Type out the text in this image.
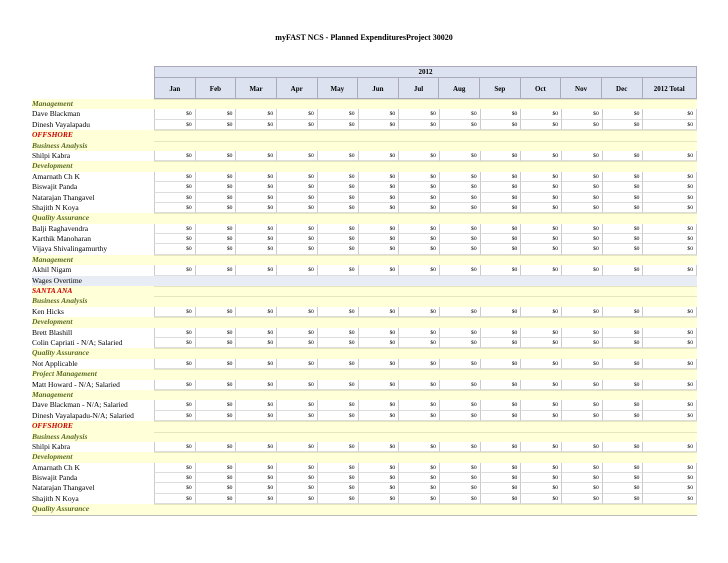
myFAST NCS - Planned ExpendituresProject 30020
2012
Jan	Feb	Mar	Apr	May	Jun	Jul	Aug	Sep	Oct	Nov	Dec	2012 Total
Management
Dave Blackman	$0	$0	$0	$0	$0	$0	$0	$0	$0	$0	$0	$0	$0
Dinesh Vayalapadu	$0	$0	$0	$0	$0	$0	$0	$0	$0	$0	$0	$0	$0
OFFSHORE
Business Analysis
Shilpi Kabra	$0	$0	$0	$0	$0	$0	$0	$0	$0	$0	$0	$0	$0
Development
Amarnath Ch K	$0	$0	$0	$0	$0	$0	$0	$0	$0	$0	$0	$0	$0
Biswajit Panda	$0	$0	$0	$0	$0	$0	$0	$0	$0	$0	$0	$0	$0
Natarajan Thangavel	$0	$0	$0	$0	$0	$0	$0	$0	$0	$0	$0	$0	$0
Shajith N Koya	$0	$0	$0	$0	$0	$0	$0	$0	$0	$0	$0	$0	$0
Quality Assurance
Balji Raghavendra	$0	$0	$0	$0	$0	$0	$0	$0	$0	$0	$0	$0	$0
Karthik Manoharan	$0	$0	$0	$0	$0	$0	$0	$0	$0	$0	$0	$0	$0
Vijaya Shivalingamurthy	$0	$0	$0	$0	$0	$0	$0	$0	$0	$0	$0	$0	$0
Management
Akhil Nigam	$0	$0	$0	$0	$0	$0	$0	$0	$0	$0	$0	$0	$0
Wages Overtime
SANTA ANA
Business Analysis
Ken Hicks	$0	$0	$0	$0	$0	$0	$0	$0	$0	$0	$0	$0	$0
Development
Brett Blashill	$0	$0	$0	$0	$0	$0	$0	$0	$0	$0	$0	$0	$0
Colin Capriati - N/A; Salaried	$0	$0	$0	$0	$0	$0	$0	$0	$0	$0	$0	$0	$0
Quality Assurance
Not Applicable	$0	$0	$0	$0	$0	$0	$0	$0	$0	$0	$0	$0	$0
Project Management
Matt Howard - N/A; Salaried	$0	$0	$0	$0	$0	$0	$0	$0	$0	$0	$0	$0	$0
Management
Dave Blackman - N/A; Salaried	$0	$0	$0	$0	$0	$0	$0	$0	$0	$0	$0	$0	$0
Dinesh Vayalapadu-N/A; Salaried	$0	$0	$0	$0	$0	$0	$0	$0	$0	$0	$0	$0	$0
OFFSHORE
Business Analysis
Shilpi Kabra	$0	$0	$0	$0	$0	$0	$0	$0	$0	$0	$0	$0	$0
Development
Amarnath Ch K	$0	$0	$0	$0	$0	$0	$0	$0	$0	$0	$0	$0	$0
Biswajit Panda	$0	$0	$0	$0	$0	$0	$0	$0	$0	$0	$0	$0	$0
Natarajan Thangavel	$0	$0	$0	$0	$0	$0	$0	$0	$0	$0	$0	$0	$0
Shajith N Koya	$0	$0	$0	$0	$0	$0	$0	$0	$0	$0	$0	$0	$0
Quality Assurance
